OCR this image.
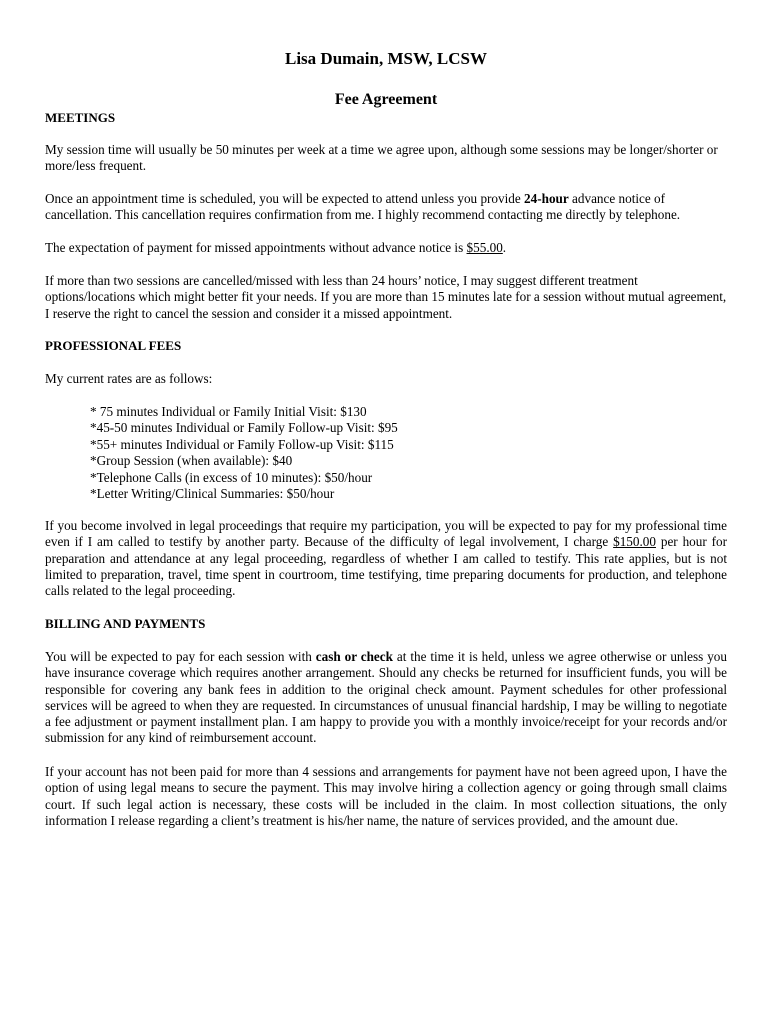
Lisa Dumain, MSW, LCSW
Fee Agreement

MEETINGS

My session time will usually be 50 minutes per week at a time we agree upon, although some sessions may be longer/shorter or more/less frequent.

Once an appointment time is scheduled, you will be expected to attend unless you provide 24-hour advance notice of cancellation. This cancellation requires confirmation from me. I highly recommend contacting me directly by telephone.

The expectation of payment for missed appointments without advance notice is $55.00.

If more than two sessions are cancelled/missed with less than 24 hours’ notice, I may suggest different treatment options/locations which might better fit your needs. If you are more than 15 minutes late for a session without mutual agreement, I reserve the right to cancel the session and consider it a missed appointment.

PROFESSIONAL FEES

My current rates are as follows:

* 75 minutes Individual or Family Initial Visit: $130
*45-50 minutes Individual or Family Follow-up Visit: $95
*55+ minutes Individual or Family Follow-up Visit: $115
*Group Session (when available): $40
*Telephone Calls (in excess of 10 minutes): $50/hour
*Letter Writing/Clinical Summaries: $50/hour

If you become involved in legal proceedings that require my participation, you will be expected to pay for my professional time even if I am called to testify by another party. Because of the difficulty of legal involvement, I charge $150.00 per hour for preparation and attendance at any legal proceeding, regardless of whether I am called to testify. This rate applies, but is not limited to preparation, travel, time spent in courtroom, time testifying, time preparing documents for production, and telephone calls related to the legal proceeding.

BILLING AND PAYMENTS

You will be expected to pay for each session with cash or check at the time it is held, unless we agree otherwise or unless you have insurance coverage which requires another arrangement. Should any checks be returned for insufficient funds, you will be responsible for covering any bank fees in addition to the original check amount. Payment schedules for other professional services will be agreed to when they are requested. In circumstances of unusual financial hardship, I may be willing to negotiate a fee adjustment or payment installment plan. I am happy to provide you with a monthly invoice/receipt for your records and/or submission for any kind of reimbursement account.

If your account has not been paid for more than 4 sessions and arrangements for payment have not been agreed upon, I have the option of using legal means to secure the payment. This may involve hiring a collection agency or going through small claims court. If such legal action is necessary, these costs will be included in the claim. In most collection situations, the only information I release regarding a client’s treatment is his/her name, the nature of services provided, and the amount due.
